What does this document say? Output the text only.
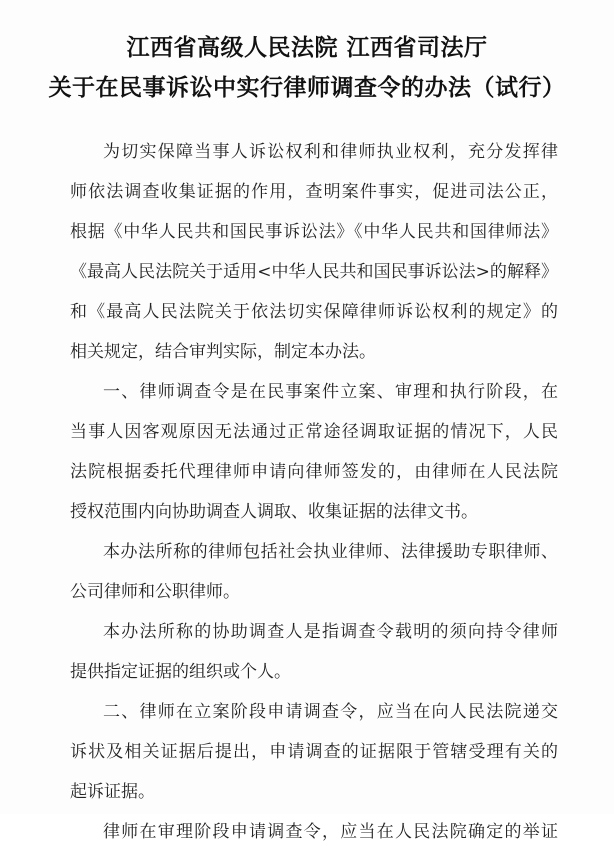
江西省高级人民法院 江西省司法厅
关于在民事诉讼中实行律师调查令的办法（试行）
为切实保障当事人诉讼权利和律师执业权利，充分发挥律
师依法调查收集证据的作用，查明案件事实，促进司法公正，
根据《中华人民共和国民事诉讼法》《中华人民共和国律师法》
《最高人民法院关于适用<中华人民共和国民事诉讼法>的解释》
和《最高人民法院关于依法切实保障律师诉讼权利的规定》的
相关规定，结合审判实际，制定本办法。
一、律师调查令是在民事案件立案、审理和执行阶段，在
当事人因客观原因无法通过正常途径调取证据的情况下，人民
法院根据委托代理律师申请向律师签发的，由律师在人民法院
授权范围内向协助调查人调取、收集证据的法律文书。
本办法所称的律师包括社会执业律师、法律援助专职律师、
公司律师和公职律师。
本办法所称的协助调查人是指调查令载明的须向持令律师
提供指定证据的组织或个人。
二、律师在立案阶段申请调查令，应当在向人民法院递交
诉状及相关证据后提出，申请调查的证据限于管辖受理有关的
起诉证据。
律师在审理阶段申请调查令，应当在人民法院确定的举证
